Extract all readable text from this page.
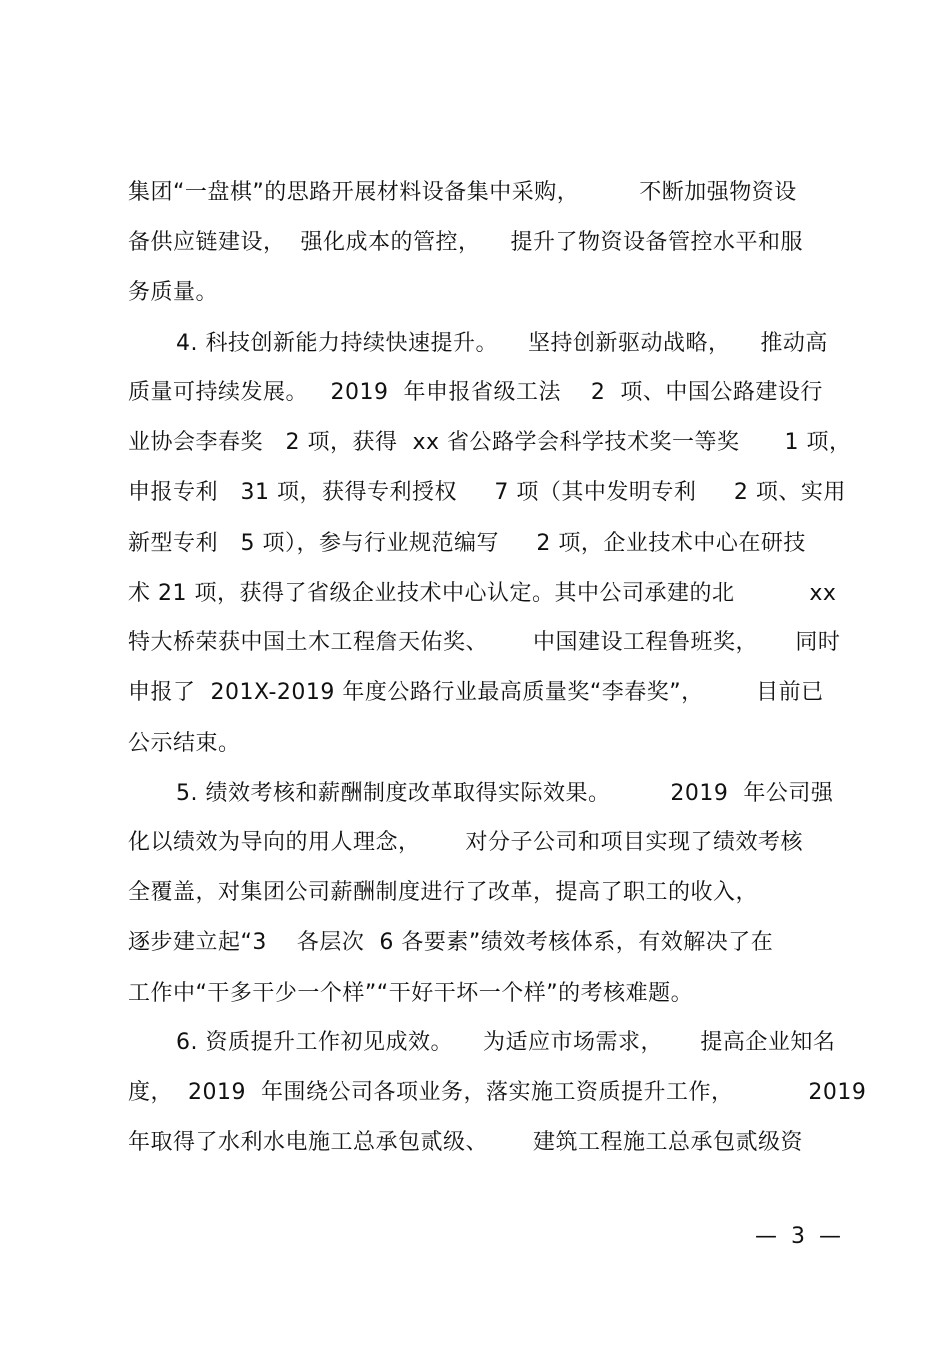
集团“一盘棋”的思路开展材料设备集中采购，        不断加强物资设
备供应链建设，  强化成本的管控，    提升了物资设备管控水平和服
务质量。
4. 科技创新能力持续快速提升。    坚持创新驱动战略，    推动高
质量可持续发展。   2019  年申报省级工法    2  项、中国公路建设行
业协会李春奖   2 项，获得  xx 省公路学会科学技术奖一等奖      1 项，
申报专利   31 项，获得专利授权     7 项（其中发明专利     2 项、实用
新型专利   5 项），参与行业规范编写     2 项，企业技术中心在研技
术 21 项，获得了省级企业技术中心认定。其中公司承建的北          xx
特大桥荣获中国土木工程詹天佑奖、      中国建设工程鲁班奖，     同时
申报了  201X-2019 年度公路行业最高质量奖“李春奖”，       目前已
公示结束。
5. 绩效考核和薪酬制度改革取得实际效果。        2019  年公司强
化以绩效为导向的用人理念，      对分子公司和项目实现了绩效考核
全覆盖，对集团公司薪酬制度进行了改革，提高了职工的收入，
逐步建立起“3    各层次  6 各要素”绩效考核体系，有效解决了在
工作中“干多干少一个样”“干好干坏一个样”的考核难题。
6. 资质提升工作初见成效。    为适应市场需求，     提高企业知名
度，  2019  年围绕公司各项业务，落实施工资质提升工作，          2019
年取得了水利水电施工总承包贰级、      建筑工程施工总承包贰级资
—  3  —
